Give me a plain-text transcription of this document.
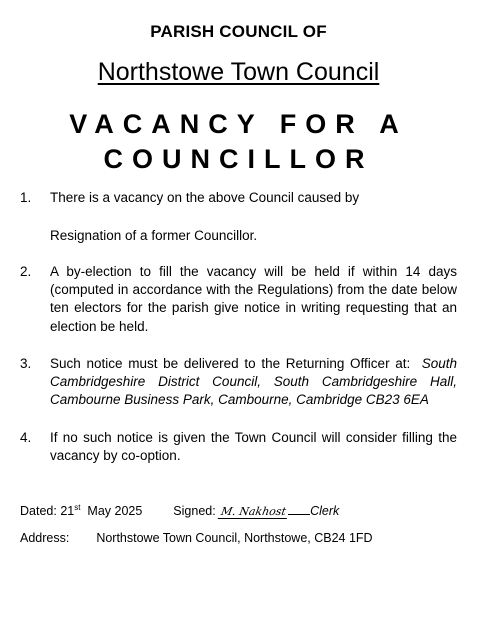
PARISH COUNCIL OF
Northstowe Town Council
VACANCY FOR A
COUNCILLOR
1. There is a vacancy on the above Council caused by
Resignation of a former Councillor.
2. A by-election to fill the vacancy will be held if within 14 days (computed in accordance with the Regulations) from the date below ten electors for the parish give notice in writing requesting that an election be held.
3. Such notice must be delivered to the Returning Officer at: South Cambridgeshire District Council, South Cambridgeshire Hall, Cambourne Business Park, Cambourne, Cambridge CB23 6EA
4. If no such notice is given the Town Council will consider filling the vacancy by co-option.
Dated: 21st May 2025 Signed: M. Nakhost Clerk
Address: Northstowe Town Council, Northstowe, CB24 1FD
